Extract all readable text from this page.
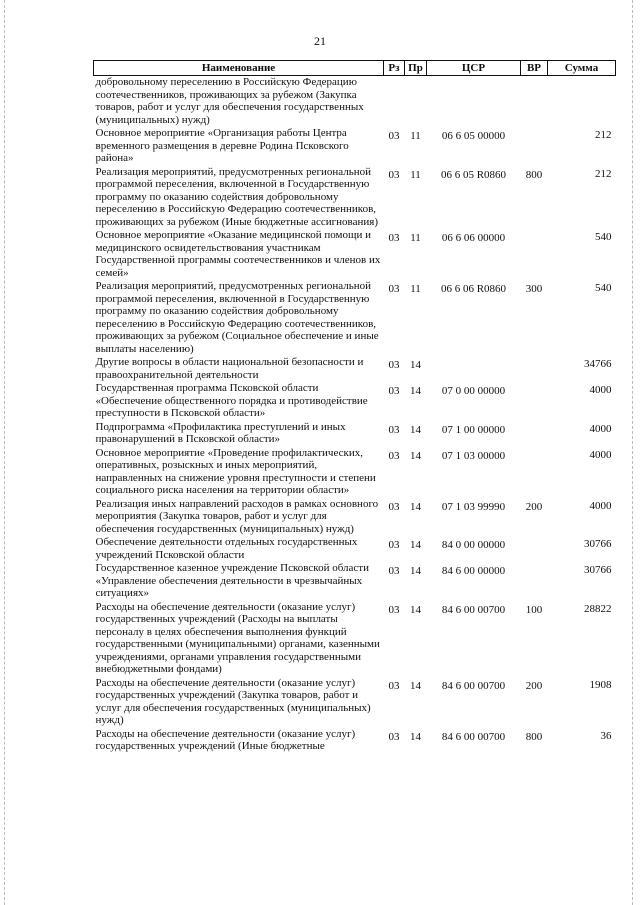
21
Наименование	Рз	Пр	ЦСР	ВР	Сумма
добровольному переселению в Российскую Федерацию соотечественников, проживающих за рубежом (Закупка товаров, работ и услуг для обеспечения государственных (муниципальных) нужд)					
Основное мероприятие «Организация работы Центра временного размещения в деревне Родина Псковского района»	03	11	06 6 05 00000		212
Реализация мероприятий, предусмотренных региональной программой переселения, включенной в Государственную программу по оказанию содействия добровольному переселению в Российскую Федерацию соотечественников, проживающих за рубежом (Иные бюджетные ассигнования)	03	11	06 6 05 R0860	800	212
Основное мероприятие «Оказание медицинской помощи и медицинского освидетельствования участникам Государственной программы соотечественников и членов их семей»	03	11	06 6 06 00000		540
Реализация мероприятий, предусмотренных региональной программой переселения, включенной в Государственную программу по оказанию содействия добровольному переселению в Российскую Федерацию соотечественников, проживающих за рубежом (Социальное обеспечение и иные выплаты населению)	03	11	06 6 06 R0860	300	540
Другие вопросы в области национальной безопасности и правоохранительной деятельности	03	14			34766
Государственная программа Псковской области «Обеспечение общественного порядка и противодействие преступности в Псковской области»	03	14	07 0 00 00000		4000
Подпрограмма «Профилактика преступлений и иных правонарушений в Псковской области»	03	14	07 1 00 00000		4000
Основное мероприятие «Проведение профилактических, оперативных, розыскных и иных мероприятий, направленных на снижение уровня преступности и степени социального риска населения на территории области»	03	14	07 1 03 00000		4000
Реализация иных направлений расходов в рамках основного мероприятия (Закупка товаров, работ и услуг для обеспечения государственных (муниципальных) нужд)	03	14	07 1 03 99990	200	4000
Обеспечение деятельности отдельных государственных учреждений Псковской области	03	14	84 0 00 00000		30766
Государственное казенное учреждение Псковской области «Управление обеспечения деятельности в чрезвычайных ситуациях»	03	14	84 6 00 00000		30766
Расходы на обеспечение деятельности (оказание услуг) государственных учреждений (Расходы на выплаты персоналу в целях обеспечения выполнения функций государственными (муниципальными) органами, казенными учреждениями, органами управления государственными внебюджетными фондами)	03	14	84 6 00 00700	100	28822
Расходы на обеспечение деятельности (оказание услуг) государственных учреждений (Закупка товаров, работ и услуг для обеспечения государственных (муниципальных) нужд)	03	14	84 6 00 00700	200	1908
Расходы на обеспечение деятельности (оказание услуг) государственных учреждений (Иные бюджетные	03	14	84 6 00 00700	800	36
